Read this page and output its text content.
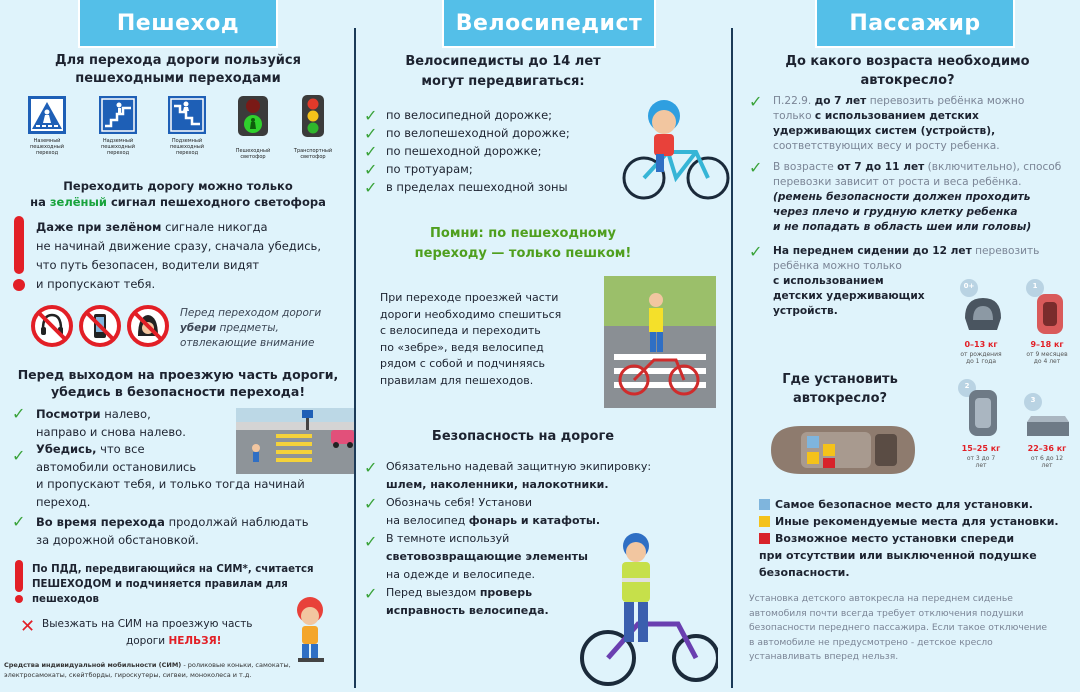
Пешеход
Для перехода дороги пользуйся
пешеходными переходами
Наземный
пешеходный
переход
Надземный
пешеходный
переход
Подземный
пешеходный
переход	Пешеходный
светофор
Транспортный
светофор
Переходить дорогу можно только
на зелёный сигнал пешеходного светофора
Даже при зелёном сигнале никогда
не начинай движение сразу, сначала убедись,
что путь безопасен, водители видят
и пропускают тебя.
Перед переходом дороги
убери предметы,
отвлекающие внимание
Перед выходом на проезжую часть дороги,
убедись в безопасности перехода!
✓
✓
✓
Посмотри налево,
направо и снова налево.
Убедись, что все
автомобили остановились
и пропускают тебя, и только тогда начинай
переход.
Во время перехода продолжай наблюдать
за дорожной обстановкой.
По ПДД, передвигающийся на СИМ*, считается
ПЕШЕХОДОМ и подчиняется правилам для пешеходов
✕ Выезжать на СИМ на проезжую часть
дороги НЕЛЬЗЯ!
Средства индивидуальной мобильности (СИМ) - роликовые коньки, самокаты,
электросамокаты, скейтборды, гироскутеры, сигвеи, моноколеса и т.д.
Велосипедист
Велосипедисты до 14 лет
могут передвигаться:
✓
✓
✓
✓
✓
по велосипедной дорожке;
по велопешеходной дорожке;
по пешеходной дорожке;
по тротуарам;
в пределах пешеходной зоны
Помни: по пешеходному
переходу — только пешком!
При переходе проезжей части
дороги необходимо спешиться
с велосипеда и переходить
по «зебре», ведя велосипед
рядом с собой и подчиняясь
правилам для пешеходов.
Безопасность на дороге
✓
✓
✓
✓
Обязательно надевай защитную экипировку:
шлем, наколенники, налокотники.
Обозначь себя! Установи
на велосипед фонарь и катафоты.
В темноте используй
световозвращающие элементы
на одежде и велосипеде.
Перед выездом проверь
исправность велосипеда.
Пассажир
До какого возраста необходимо
автокресло?
✓
✓
✓
П.22.9. до 7 лет перевозить ребёнка можно
только с использованием детских
удерживающих систем (устройств),
соответствующих весу и росту ребенка.
В возрасте от 7 до 11 лет (включительно), способ
перевозки зависит от роста и веса ребёнка.
(ремень безопасности должен проходить
через плечо и грудную клетку ребенка
и не попадать в область шеи или головы)
На переднем сидении до 12 лет перевозить
ребёнка можно только
с использованием
детских удерживающих
устройств.
0+	1
2
3
0–13 кг
от рождения
до 1 года
9–18 кг
от 9 месяцев
до 4 лет
15–25 кг
от 3 до 7
лет
22–36 кг
от 6 до 12
лет
Где установить
автокресло?
Самое безопасное место для установки.
Иные рекомендуемые места для установки.
Возможное место установки спереди
при отсутствии или выключенной подушке
безопасности.
Установка детского автокресла на переднем сиденье
автомобиля почти всегда требует отключения подушки
безопасности переднего пассажира. Если такое отключение
в автомобиле не предусмотрено - детское кресло
устанавливать вперед нельзя.
